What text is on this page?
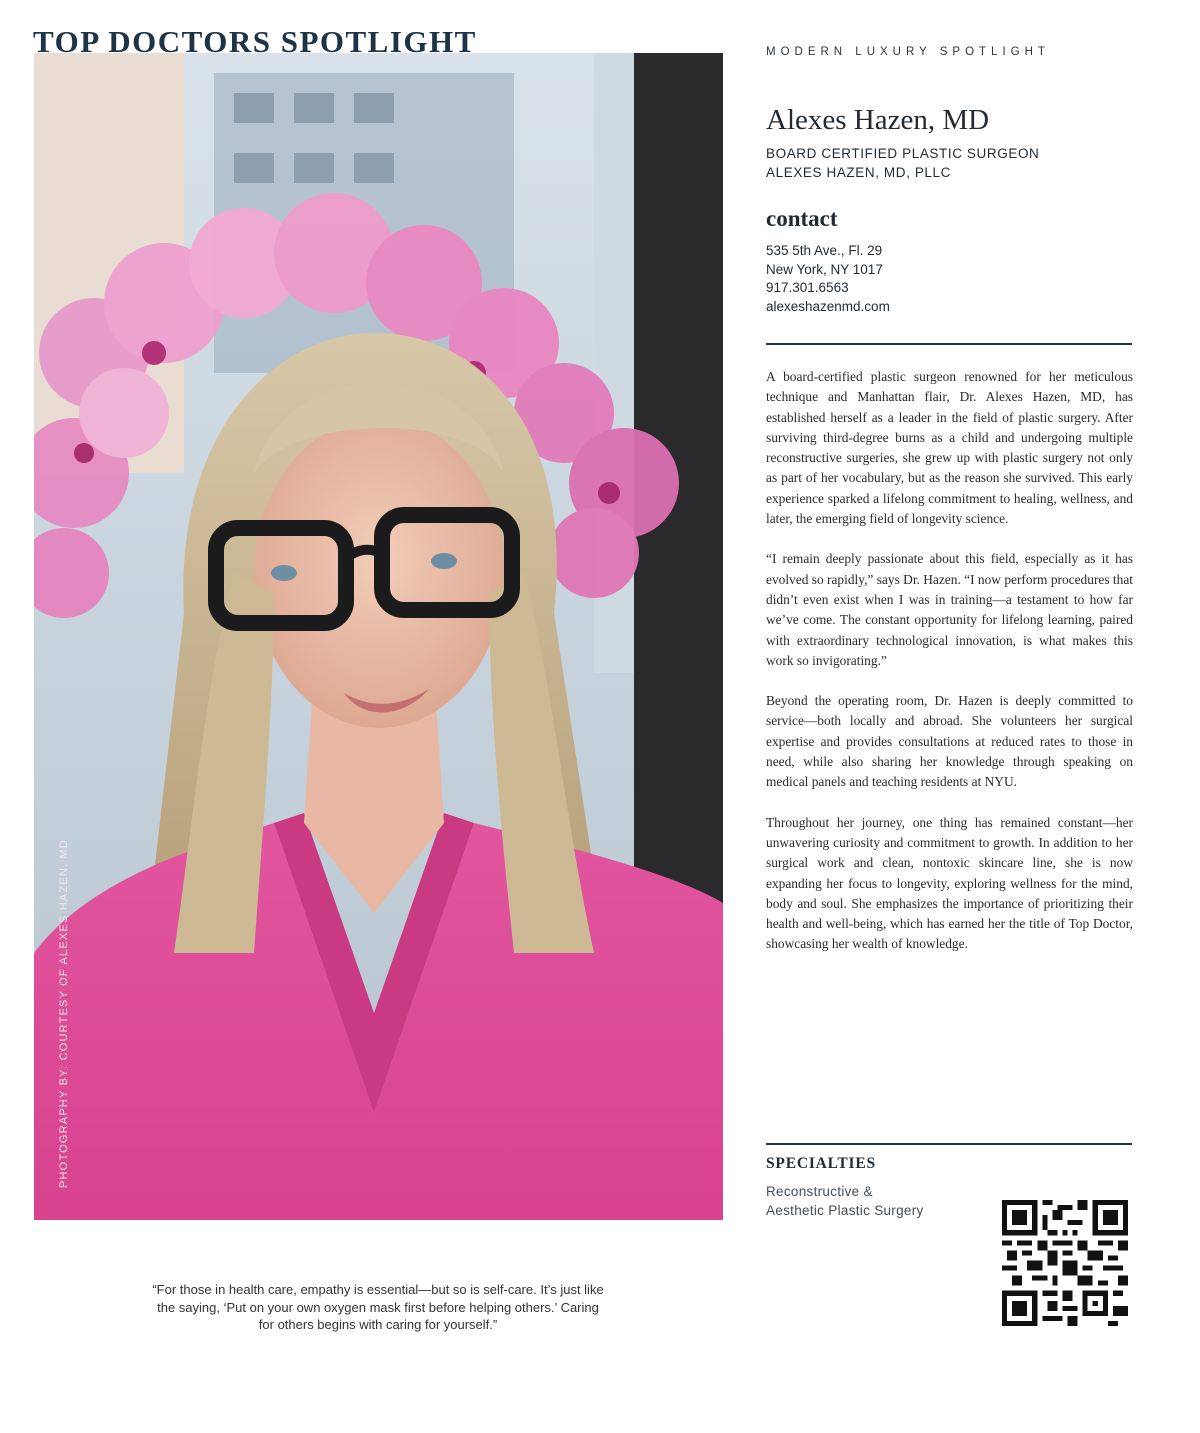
TOP DOCTORS SPOTLIGHT
PHOTOGRAPHY BY: COURTESY OF ALEXES HAZEN, MD
MODERN LUXURY SPOTLIGHT
Alexes Hazen, MD
BOARD CERTIFIED PLASTIC SURGEON
ALEXES HAZEN, MD, PLLC
contact
535 5th Ave., Fl. 29
New York, NY 1017
917.301.6563
alexeshazenmd.com

A board-certified plastic surgeon renowned for her meticulous technique and Manhattan flair, Dr. Alexes Hazen, MD, has established herself as a leader in the field of plastic surgery. After surviving third-degree burns as a child and undergoing multiple reconstructive surgeries, she grew up with plastic surgery not only as part of her vocabulary, but as the reason she survived. This early experience sparked a lifelong commitment to healing, wellness, and later, the emerging field of longevity science.

“I remain deeply passionate about this field, especially as it has evolved so rapidly,” says Dr. Hazen. “I now perform procedures that didn’t even exist when I was in training—a testament to how far we’ve come. The constant opportunity for lifelong learning, paired with extraordinary technological innovation, is what makes this work so invigorating.”

Beyond the operating room, Dr. Hazen is deeply committed to service—both locally and abroad. She volunteers her surgical expertise and provides consultations at reduced rates to those in need, while also sharing her knowledge through speaking on medical panels and teaching residents at NYU.

Throughout her journey, one thing has remained constant—her unwavering curiosity and commitment to growth. In addition to her surgical work and clean, nontoxic skincare line, she is now expanding her focus to longevity, exploring wellness for the mind, body and soul. She emphasizes the importance of prioritizing their health and well-being, which has earned her the title of Top Doctor, showcasing her wealth of knowledge.

SPECIALTIES
Reconstructive &
Aesthetic Plastic Surgery
“For those in health care, empathy is essential—but so is self-care. It’s just like the saying, ‘Put on your own oxygen mask first before helping others.’ Caring for others begins with caring for yourself.”
